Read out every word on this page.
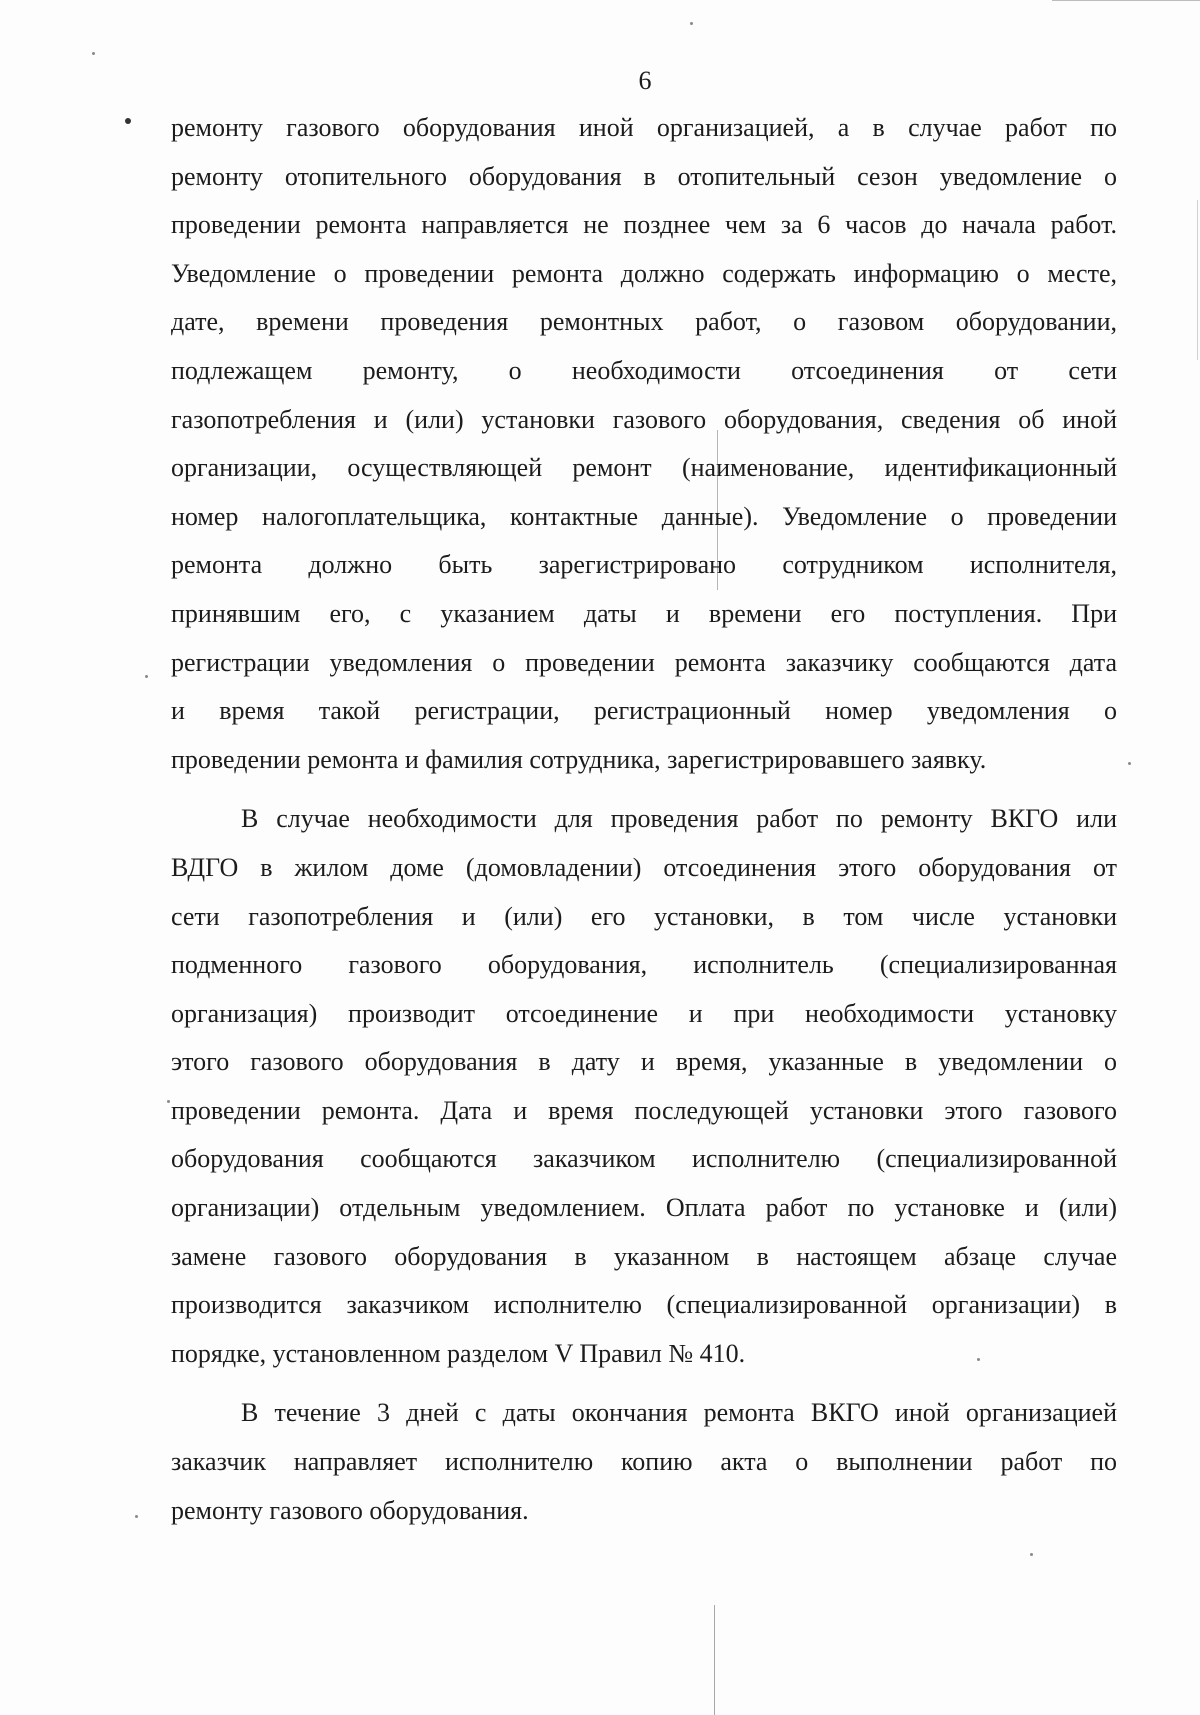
6
ремонту газового оборудования иной организацией, а в случае работ по
ремонту отопительного оборудования в отопительный сезон уведомление о
проведении ремонта направляется не позднее чем за 6 часов до начала работ.
Уведомление о проведении ремонта должно содержать информацию о месте,
дате, времени проведения ремонтных работ, о газовом оборудовании,
подлежащем ремонту, о необходимости отсоединения от сети
газопотребления и (или) установки газового оборудования, сведения об иной
организации, осуществляющей ремонт (наименование, идентификационный
номер налогоплательщика, контактные данные). Уведомление о проведении
ремонта должно быть зарегистрировано сотрудником исполнителя,
принявшим его, с указанием даты и времени его поступления. При
регистрации уведомления о проведении ремонта заказчику сообщаются дата
и время такой регистрации, регистрационный номер уведомления о
проведении ремонта и фамилия сотрудника, зарегистрировавшего заявку.
В случае необходимости для проведения работ по ремонту ВКГО или
ВДГО в жилом доме (домовладении) отсоединения этого оборудования от
сети газопотребления и (или) его установки, в том числе установки
подменного газового оборудования, исполнитель (специализированная
организация) производит отсоединение и при необходимости установку
этого газового оборудования в дату и время, указанные в уведомлении о
проведении ремонта. Дата и время последующей установки этого газового
оборудования сообщаются заказчиком исполнителю (специализированной
организации) отдельным уведомлением. Оплата работ по установке и (или)
замене газового оборудования в указанном в настоящем абзаце случае
производится заказчиком исполнителю (специализированной организации) в
порядке, установленном разделом V Правил № 410.
В течение 3 дней с даты окончания ремонта ВКГО иной организацией
заказчик направляет исполнителю копию акта о выполнении работ по
ремонту газового оборудования.
